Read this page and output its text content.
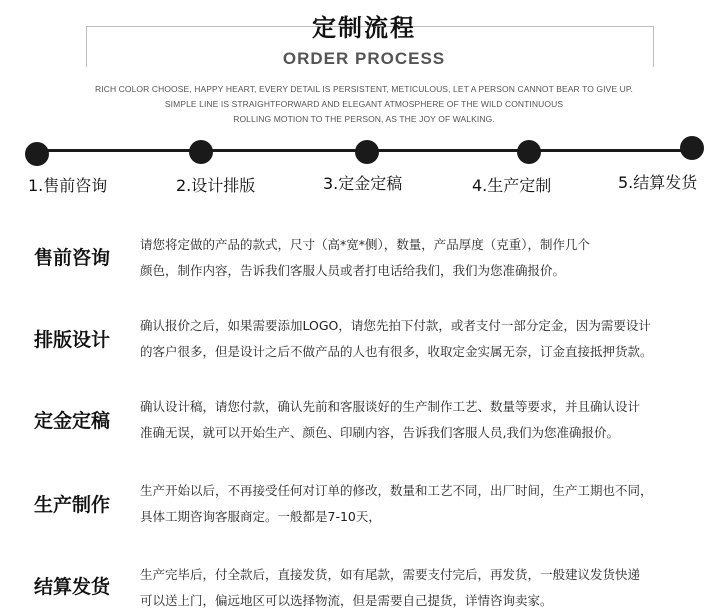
定制流程
ORDER PROCESS
RICH COLOR CHOOSE, HAPPY HEART, EVERY DETAIL IS PERSISTENT, METICULOUS, LET A PERSON CANNOT BEAR TO GIVE UP.
SIMPLE LINE IS STRAIGHTFORWARD AND ELEGANT ATMOSPHERE OF THE WILD CONTINUOUS
ROLLING MOTION TO THE PERSON, AS THE JOY OF WALKING.
1.售前咨询	2.设计排版	3.定金定稿	4.生产定制	5.结算发货
售前咨询
请您将定做的产品的款式，尺寸（高*宽*侧），数量，产品厚度（克重），制作几个
颜色，制作内容，告诉我们客服人员或者打电话给我们，我们为您准确报价。
排版设计
确认报价之后，如果需要添加LOGO，请您先拍下付款，或者支付一部分定金，因为需要设计
的客户很多，但是设计之后不做产品的人也有很多，收取定金实属无奈，订金直接抵押货款。
定金定稿
确认设计稿，请您付款，确认先前和客服谈好的生产制作工艺、数量等要求，并且确认设计
准确无误，就可以开始生产、颜色、印刷内容，告诉我们客服人员,我们为您准确报价。
生产制作
生产开始以后，不再接受任何对订单的修改，数量和工艺不同，出厂时间，生产工期也不同，
具体工期咨询客服商定。一般都是7-10天，
结算发货
生产完毕后，付全款后，直接发货，如有尾款，需要支付完后，再发货，一般建议发货快递
可以送上门，偏远地区可以选择物流，但是需要自己提货，详情咨询卖家。
